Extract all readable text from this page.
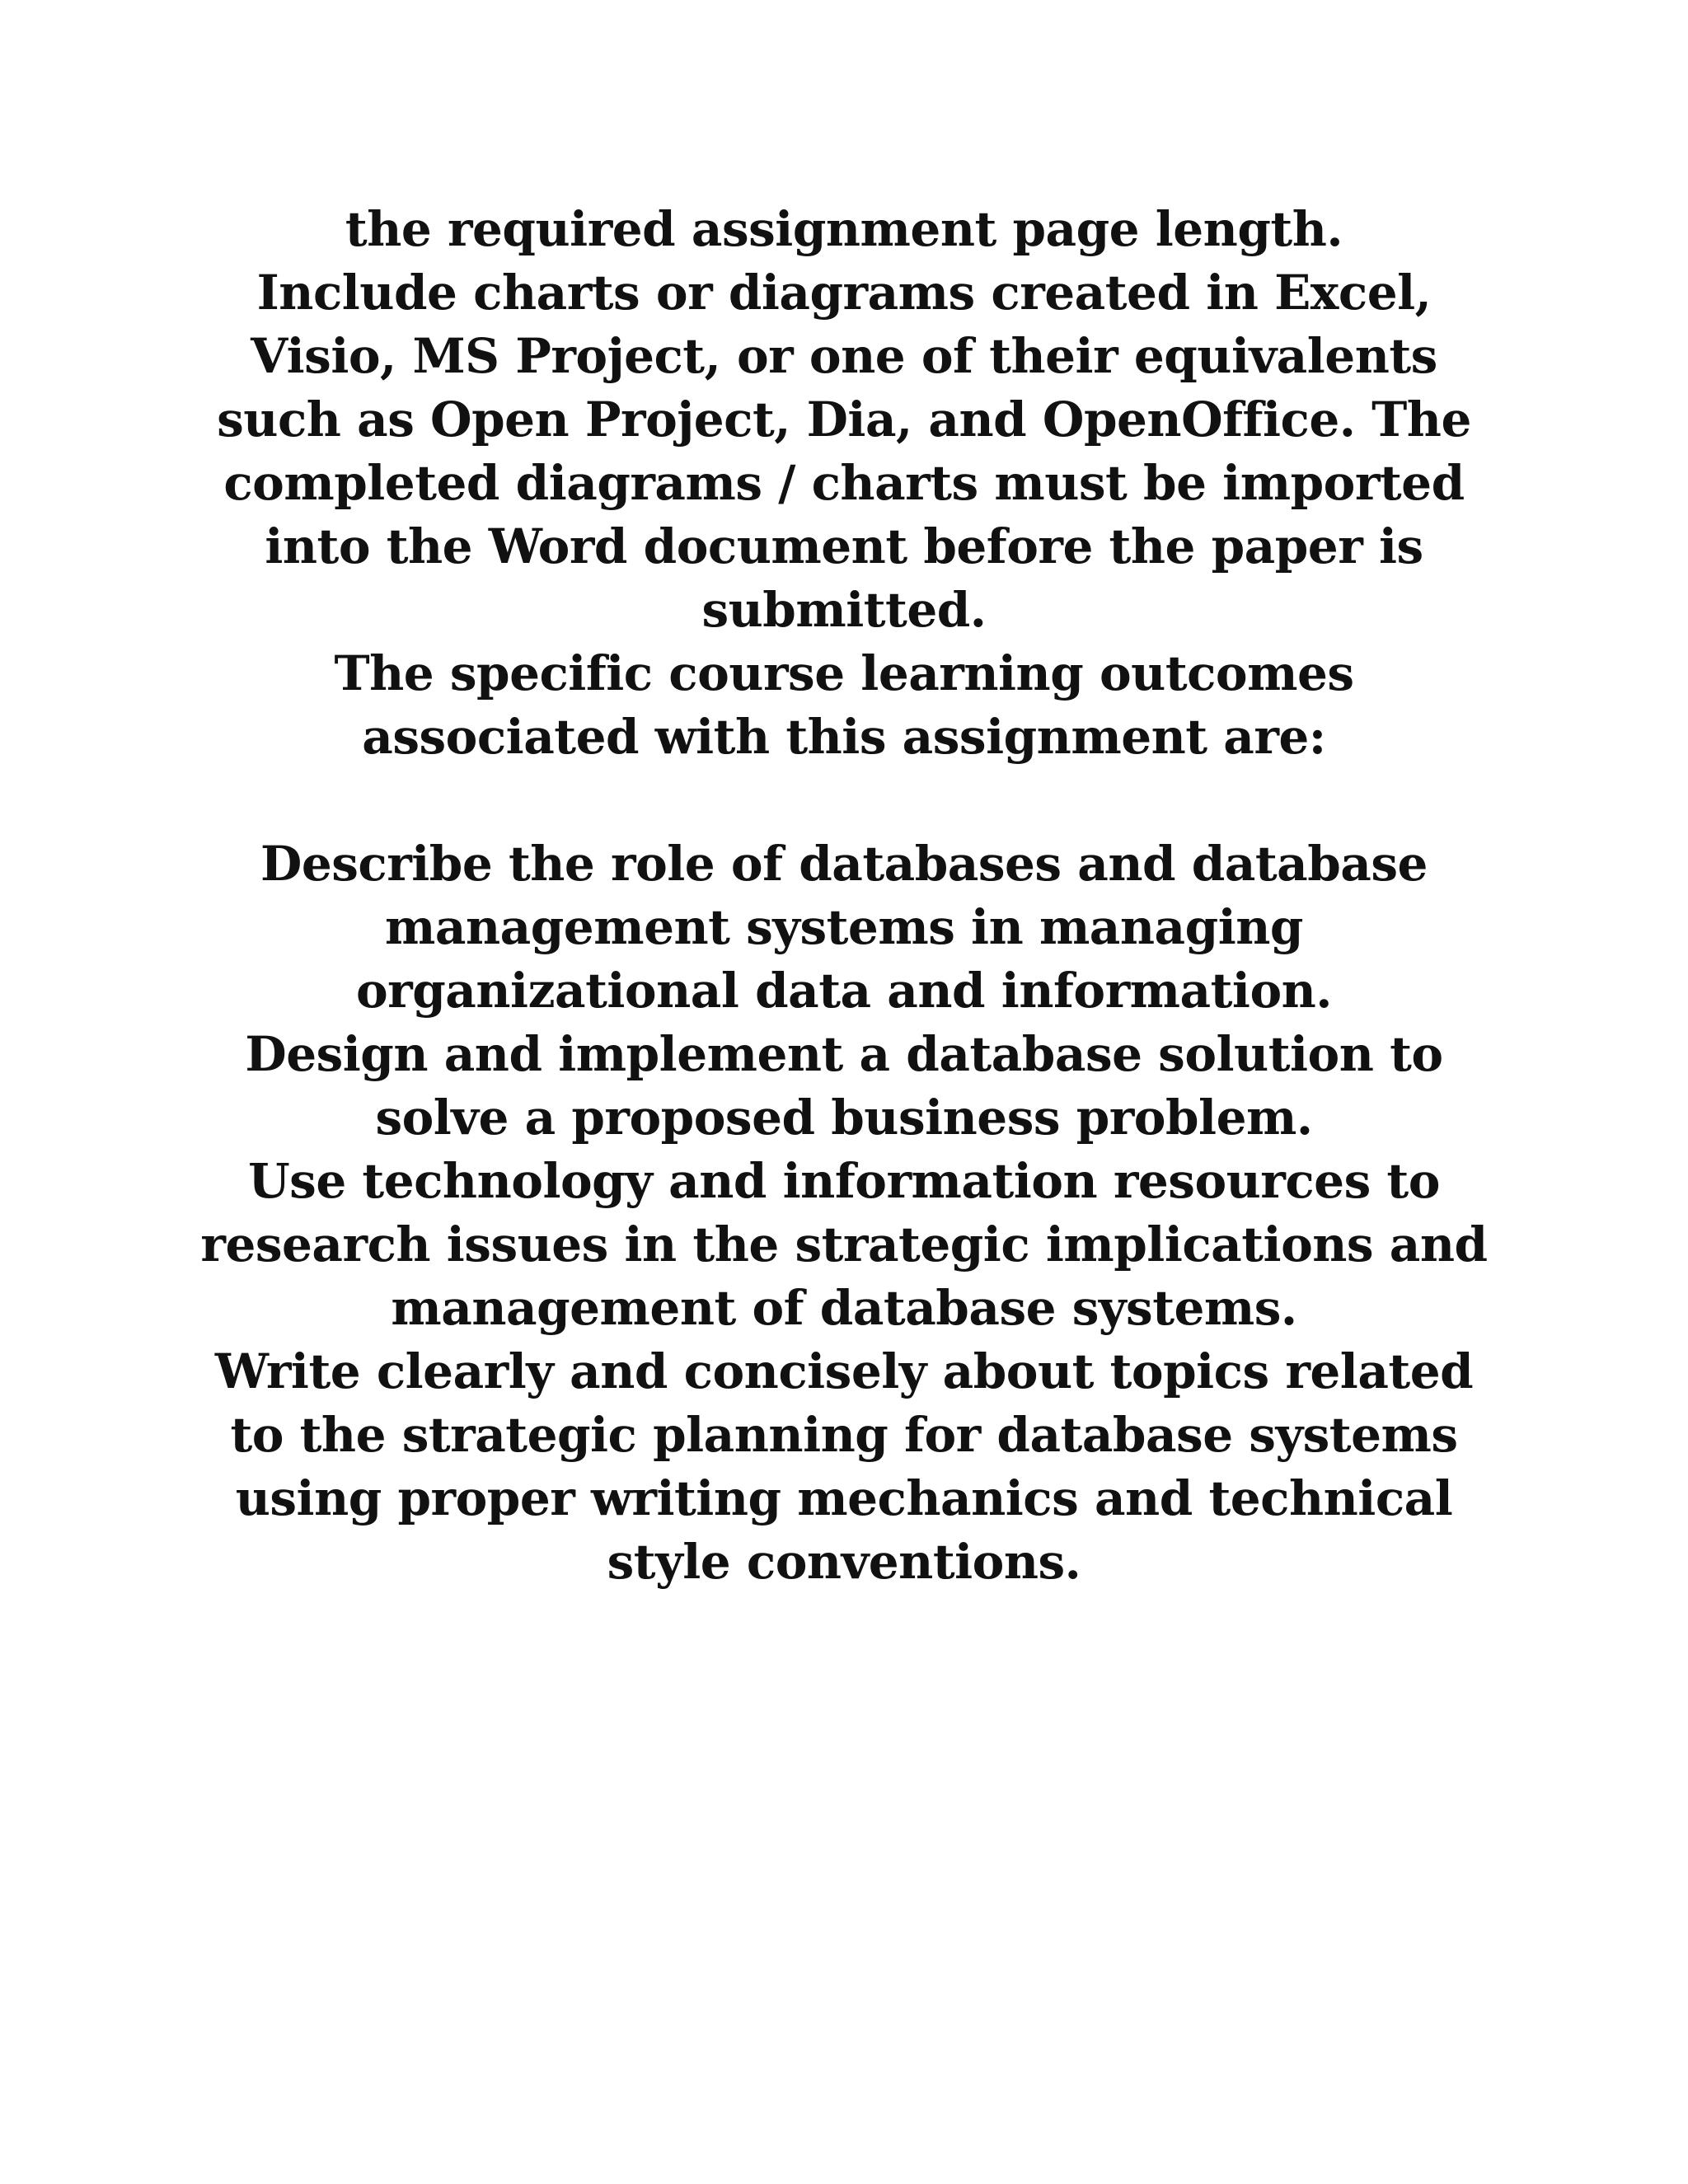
the required assignment page length.

Include charts or diagrams created in Excel, Visio, MS Project, or one of their equivalents such as Open Project, Dia, and OpenOffice. The completed diagrams / charts must be imported into the Word document before the paper is submitted.

The specific course learning outcomes associated with this assignment are:

Describe the role of databases and database management systems in managing organizational data and information.

Design and implement a database solution to solve a proposed business problem.

Use technology and information resources to research issues in the strategic implications and management of database systems.

Write clearly and concisely about topics related to the strategic planning for database systems using proper writing mechanics and technical style conventions.
